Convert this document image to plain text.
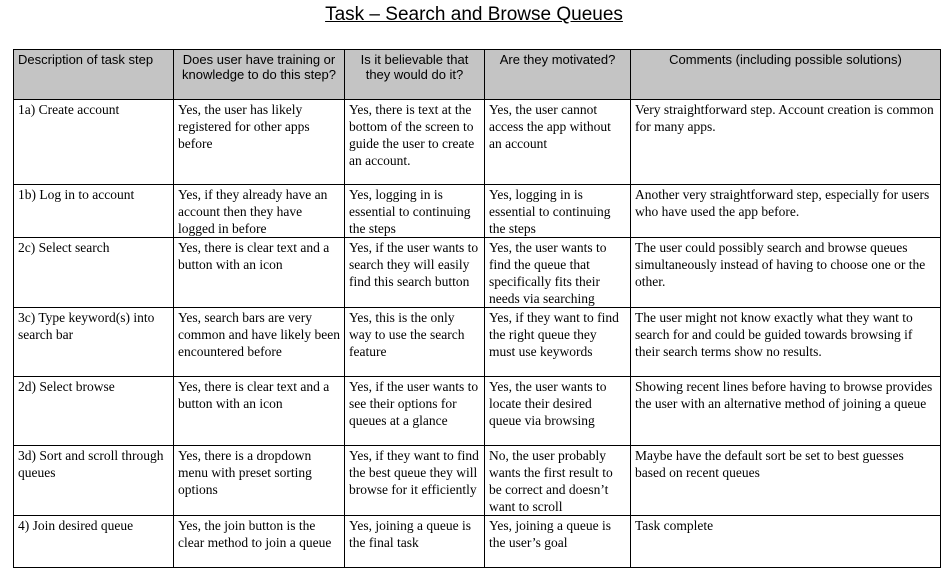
Task – Search and Browse Queues
Description of task step	Does user have training or knowledge to do this step?	Is it believable that they would do it?	Are they motivated?	Comments (including possible solutions)
1a) Create account	Yes, the user has likely registered for other apps before	Yes, there is text at the bottom of the screen to guide the user to create an account.	Yes, the user cannot access the app without an account	Very straightforward step. Account creation is common for many apps.
1b) Log in to account	Yes, if they already have an account then they have logged in before	Yes, logging in is essential to continuing the steps	Yes, logging in is essential to continuing the steps	Another very straightforward step, especially for users who have used the app before.
2c) Select search	Yes, there is clear text and a button with an icon	Yes, if the user wants to search they will easily find this search button	Yes, the user wants to find the queue that specifically fits their needs via searching	The user could possibly search and browse queues simultaneously instead of having to choose one or the other.
3c) Type keyword(s) into search bar	Yes, search bars are very common and have likely been encountered before	Yes, this is the only way to use the search feature	Yes, if they want to find the right queue they must use keywords	The user might not know exactly what they want to search for and could be guided towards browsing if their search terms show no results.
2d) Select browse	Yes, there is clear text and a button with an icon	Yes, if the user wants to see their options for queues at a glance	Yes, the user wants to locate their desired queue via browsing	Showing recent lines before having to browse provides the user with an alternative method of joining a queue
3d) Sort and scroll through queues	Yes, there is a dropdown menu with preset sorting options	Yes, if they want to find the best queue they will browse for it efficiently	No, the user probably wants the first result to be correct and doesn’t want to scroll	Maybe have the default sort be set to best guesses based on recent queues
4) Join desired queue	Yes, the join button is the clear method to join a queue	Yes, joining a queue is the final task	Yes, joining a queue is the user’s goal	Task complete
